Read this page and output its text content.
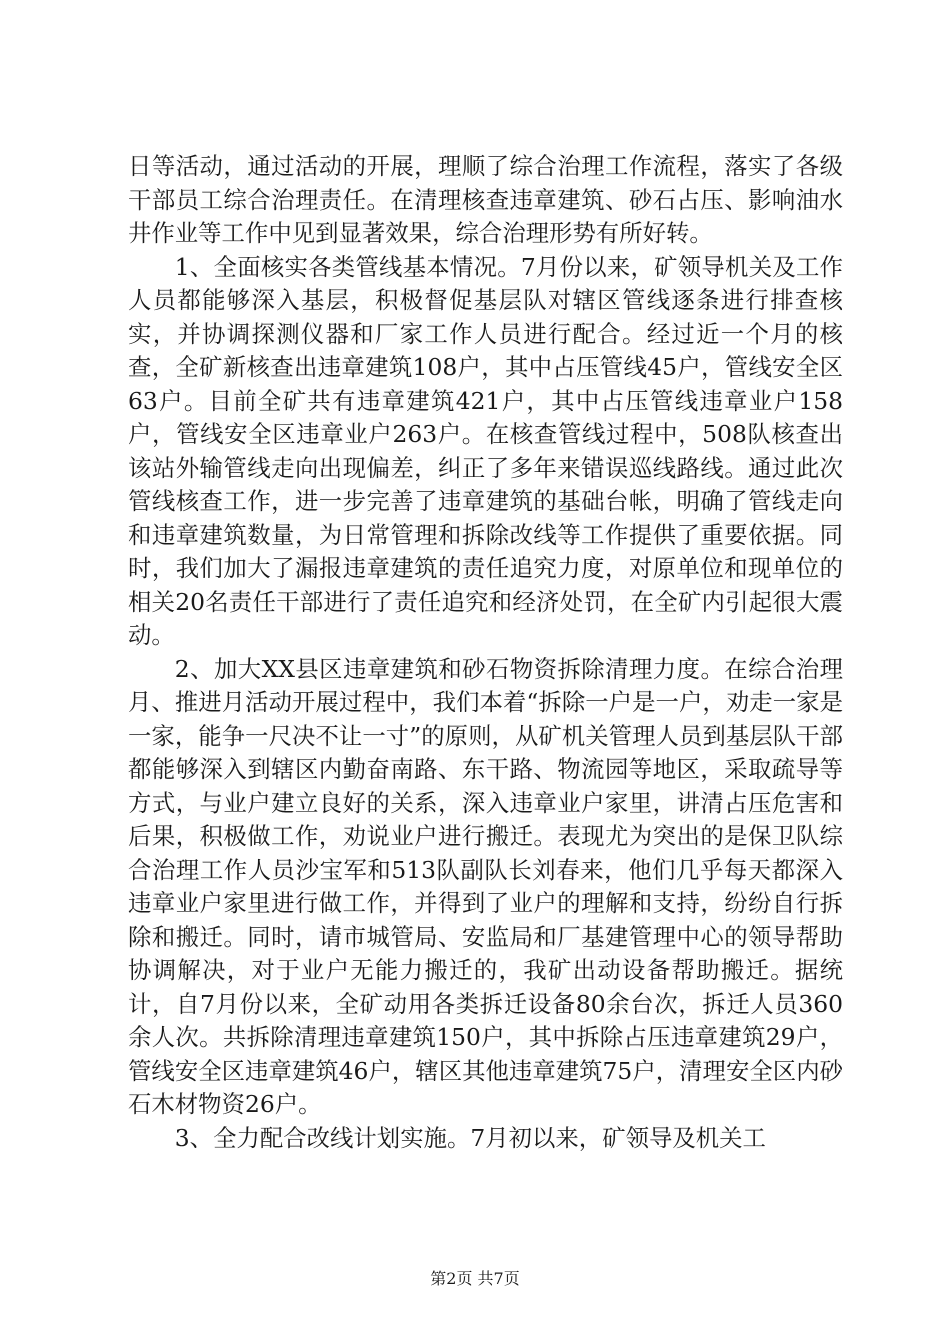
日等活动，通过活动的开展，理顺了综合治理工作流程，落实了各级干部员工综合治理责任。在清理核查违章建筑、砂石占压、影响油水井作业等工作中见到显著效果，综合治理形势有所好转。

1、全面核实各类管线基本情况。7月份以来，矿领导机关及工作人员都能够深入基层，积极督促基层队对辖区管线逐条进行排查核实，并协调探测仪器和厂家工作人员进行配合。经过近一个月的核查，全矿新核查出违章建筑108户，其中占压管线45户，管线安全区63户。目前全矿共有违章建筑421户，其中占压管线违章业户158户，管线安全区违章业户263户。在核查管线过程中，508队核查出该站外输管线走向出现偏差，纠正了多年来错误巡线路线。通过此次管线核查工作，进一步完善了违章建筑的基础台帐，明确了管线走向和违章建筑数量，为日常管理和拆除改线等工作提供了重要依据。同时，我们加大了漏报违章建筑的责任追究力度，对原单位和现单位的相关20名责任干部进行了责任追究和经济处罚，在全矿内引起很大震动。

2、加大XX县区违章建筑和砂石物资拆除清理力度。在综合治理月、推进月活动开展过程中，我们本着“拆除一户是一户，劝走一家是一家，能争一尺决不让一寸”的原则，从矿机关管理人员到基层队干部都能够深入到辖区内勤奋南路、东干路、物流园等地区，采取疏导等方式，与业户建立良好的关系，深入违章业户家里，讲清占压危害和后果，积极做工作，劝说业户进行搬迁。表现尤为突出的是保卫队综合治理工作人员沙宝军和513队副队长刘春来，他们几乎每天都深入违章业户家里进行做工作，并得到了业户的理解和支持，纷纷自行拆除和搬迁。同时，请市城管局、安监局和厂基建管理中心的领导帮助协调解决，对于业户无能力搬迁的，我矿出动设备帮助搬迁。据统计，自7月份以来，全矿动用各类拆迁设备80余台次，拆迁人员360余人次。共拆除清理违章建筑150户，其中拆除占压违章建筑29户，管线安全区违章建筑46户，辖区其他违章建筑75户，清理安全区内砂石木材物资26户。

3、全力配合改线计划实施。7月初以来，矿领导及机关工

第2页 共7页
